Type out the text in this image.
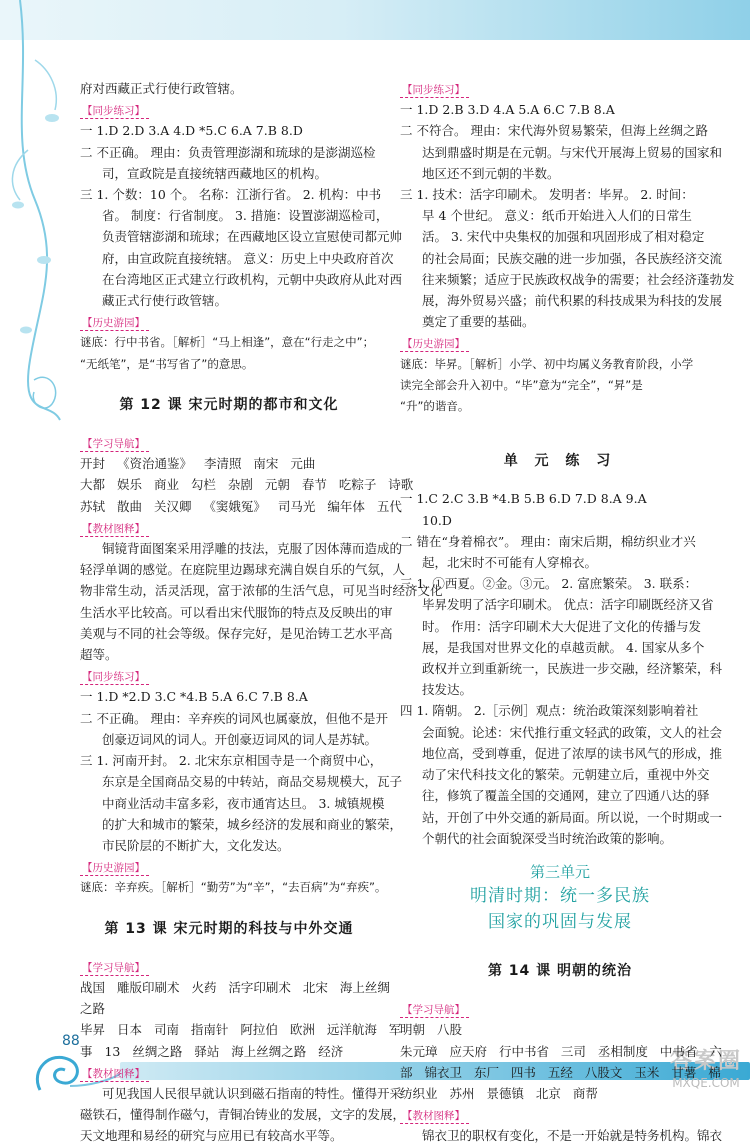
88
答案圈
MXQE.COM
府对西藏正式行使行政管辖。
【 同步练习 】
一 1.D 2.D 3.A 4.D *5.C 6.A 7.B 8.D
二 不正确。 理由：负责管理澎湖和琉球的是澎湖巡检
司，宣政院是直接统辖西藏地区的机构。
三 1. 个数：10 个。 名称：江浙行省。 2. 机构：中书
省。 制度：行省制度。 3. 措施：设置澎湖巡检司，
负责管辖澎湖和琉球；在西藏地区设立宣慰使司都元帅
府，由宣政院直接统辖。 意义：历史上中央政府首次
在台湾地区正式建立行政机构，元朝中央政府从此对西
藏正式行使行政管辖。
【 历史游园 】
谜底：行中书省。［解析］“马上相逢”，意在“行走之中”；
“无纸笔”，是“书写省了”的意思。
第 12 课 宋元时期的都市和文化
【 学习导航 】
开封 《资治通鉴》 李清照 南宋 元曲
大都 娱乐 商业 勾栏 杂剧 元朝 春节 吃粽子 诗歌
苏轼 散曲 关汉卿 《窦娥冤》 司马光 编年体 五代
【 教材图释 】
铜镜背面图案采用浮雕的技法，克服了因体薄而造成的
轻浮单调的感觉。在庭院里边踢球充满自娱自乐的气氛，人
物非常生动，活灵活现，富于浓郁的生活气息，可见当时经济文化
生活水平比较高。可以看出宋代服饰的特点及反映出的审
美观与不同的社会等级。保存完好，是见治铸工艺水平高
超等。
【 同步练习 】
一 1.D *2.D 3.C *4.B 5.A 6.C 7.B 8.A
二 不正确。 理由：辛弃疾的词风也属豪放，但他不是开
创豪迈词风的词人。开创豪迈词风的词人是苏轼。
三 1. 河南开封。 2. 北宋东京相国寺是一个商贸中心，
东京是全国商品交易的中转站，商品交易规模大，瓦子
中商业活动丰富多彩，夜市通宵达旦。 3. 城镇规模
的扩大和城市的繁荣，城乡经济的发展和商业的繁荣，
市民阶层的不断扩大，文化发达。
【 历史游园 】
谜底：辛弃疾。［解析］“勤劳”为“辛”，“去百病”为“弃疾”。
第 13 课 宋元时期的科技与中外交通
【 学习导航 】
战国 雕版印刷术 火药 活字印刷术 北宋 海上丝绸
之路
毕昇 日本 司南 指南针 阿拉伯 欧洲 远洋航海 军
事 13 丝绸之路 驿站 海上丝绸之路 经济
【 教材图释 】
可见我国人民很早就认识到磁石指南的特性。懂得开采
磁铁石，懂得制作磁勺，青铜冶铸业的发展，文字的发展，
天文地理和易经的研究与应用已有较高水平等。
【 同步练习 】
一 1.D 2.B 3.D 4.A 5.A 6.C 7.B 8.A
二 不符合。 理由：宋代海外贸易繁荣，但海上丝绸之路
达到鼎盛时期是在元朝。与宋代开展海上贸易的国家和
地区还不到元朝的半数。
三 1. 技术：活字印刷术。 发明者：毕昇。 2. 时间：
早 4 个世纪。 意义：纸币开始进入人们的日常生
活。 3. 宋代中央集权的加强和巩固形成了相对稳定
的社会局面；民族交融的进一步加强，各民族经济交流
往来频繁；适应于民族政权战争的需要；社会经济蓬勃发
展，海外贸易兴盛；前代积累的科技成果为科技的发展
奠定了重要的基础。
【 历史游园 】
谜底：毕昇。［解析］小学、初中均属义务教育阶段，小学
读完全部会升入初中。“毕”意为“完全”，“昇”是
“升”的谐音。
单 元 练 习
一 1.C 2.C 3.B *4.B 5.B 6.D 7.D 8.A 9.A
10.D
二 错在“身着棉衣”。 理由：南宋后期，棉纺织业才兴
起，北宋时不可能有人穿棉衣。
三 1. ①西夏。②金。③元。 2. 富庶繁荣。 3. 联系：
毕昇发明了活字印刷术。 优点：活字印刷既经济又省
时。 作用：活字印刷术大大促进了文化的传播与发
展，是我国对世界文化的卓越贡献。 4. 国家从多个
政权并立到重新统一，民族进一步交融，经济繁荣，科
技发达。
四 1. 隋朝。 2.［示例］观点：统治政策深刻影响着社
会面貌。论述：宋代推行重文轻武的政策，文人的社会
地位高，受到尊重，促进了浓厚的读书风气的形成，推
动了宋代科技文化的繁荣。元朝建立后，重视中外交
往，修筑了覆盖全国的交通网，建立了四通八达的驿
站，开创了中外交通的新局面。所以说，一个时期或一
个朝代的社会面貌深受当时统治政策的影响。
第三单元
明清时期：统一多民族
国家的巩固与发展
第 14 课 明朝的统治
【 学习导航 】
明朝 八股
朱元璋 应天府 行中书省 三司 丞相制度 中书省 六
部 锦衣卫 东厂 四书 五经 八股文 玉米 甘薯 棉
纺织业 苏州 景德镇 北京 商帮
【 教材图释 】
锦衣卫的职权有变化，不是一开始就是特务机构。锦衣
